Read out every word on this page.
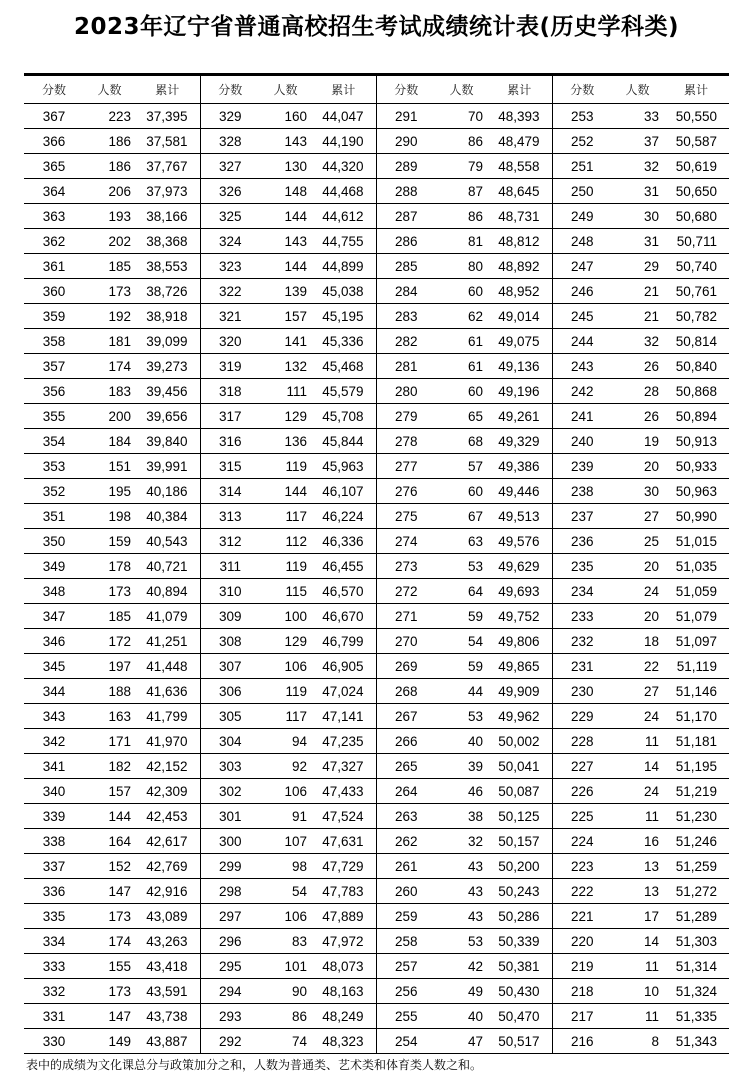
2023年辽宁省普通高校招生考试成绩统计表(历史学科类)
分数	人数	累计	分数	人数	累计	分数	人数	累计	分数	人数	累计
367	223	37,395	329	160	44,047	291	70	48,393	253	33	50,550
366	186	37,581	328	143	44,190	290	86	48,479	252	37	50,587
365	186	37,767	327	130	44,320	289	79	48,558	251	32	50,619
364	206	37,973	326	148	44,468	288	87	48,645	250	31	50,650
363	193	38,166	325	144	44,612	287	86	48,731	249	30	50,680
362	202	38,368	324	143	44,755	286	81	48,812	248	31	50,711
361	185	38,553	323	144	44,899	285	80	48,892	247	29	50,740
360	173	38,726	322	139	45,038	284	60	48,952	246	21	50,761
359	192	38,918	321	157	45,195	283	62	49,014	245	21	50,782
358	181	39,099	320	141	45,336	282	61	49,075	244	32	50,814
357	174	39,273	319	132	45,468	281	61	49,136	243	26	50,840
356	183	39,456	318	111	45,579	280	60	49,196	242	28	50,868
355	200	39,656	317	129	45,708	279	65	49,261	241	26	50,894
354	184	39,840	316	136	45,844	278	68	49,329	240	19	50,913
353	151	39,991	315	119	45,963	277	57	49,386	239	20	50,933
352	195	40,186	314	144	46,107	276	60	49,446	238	30	50,963
351	198	40,384	313	117	46,224	275	67	49,513	237	27	50,990
350	159	40,543	312	112	46,336	274	63	49,576	236	25	51,015
349	178	40,721	311	119	46,455	273	53	49,629	235	20	51,035
348	173	40,894	310	115	46,570	272	64	49,693	234	24	51,059
347	185	41,079	309	100	46,670	271	59	49,752	233	20	51,079
346	172	41,251	308	129	46,799	270	54	49,806	232	18	51,097
345	197	41,448	307	106	46,905	269	59	49,865	231	22	51,119
344	188	41,636	306	119	47,024	268	44	49,909	230	27	51,146
343	163	41,799	305	117	47,141	267	53	49,962	229	24	51,170
342	171	41,970	304	94	47,235	266	40	50,002	228	11	51,181
341	182	42,152	303	92	47,327	265	39	50,041	227	14	51,195
340	157	42,309	302	106	47,433	264	46	50,087	226	24	51,219
339	144	42,453	301	91	47,524	263	38	50,125	225	11	51,230
338	164	42,617	300	107	47,631	262	32	50,157	224	16	51,246
337	152	42,769	299	98	47,729	261	43	50,200	223	13	51,259
336	147	42,916	298	54	47,783	260	43	50,243	222	13	51,272
335	173	43,089	297	106	47,889	259	43	50,286	221	17	51,289
334	174	43,263	296	83	47,972	258	53	50,339	220	14	51,303
333	155	43,418	295	101	48,073	257	42	50,381	219	11	51,314
332	173	43,591	294	90	48,163	256	49	50,430	218	10	51,324
331	147	43,738	293	86	48,249	255	40	50,470	217	11	51,335
330	149	43,887	292	74	48,323	254	47	50,517	216	8	51,343
表中的成绩为文化课总分与政策加分之和，人数为普通类、艺术类和体育类人数之和。
